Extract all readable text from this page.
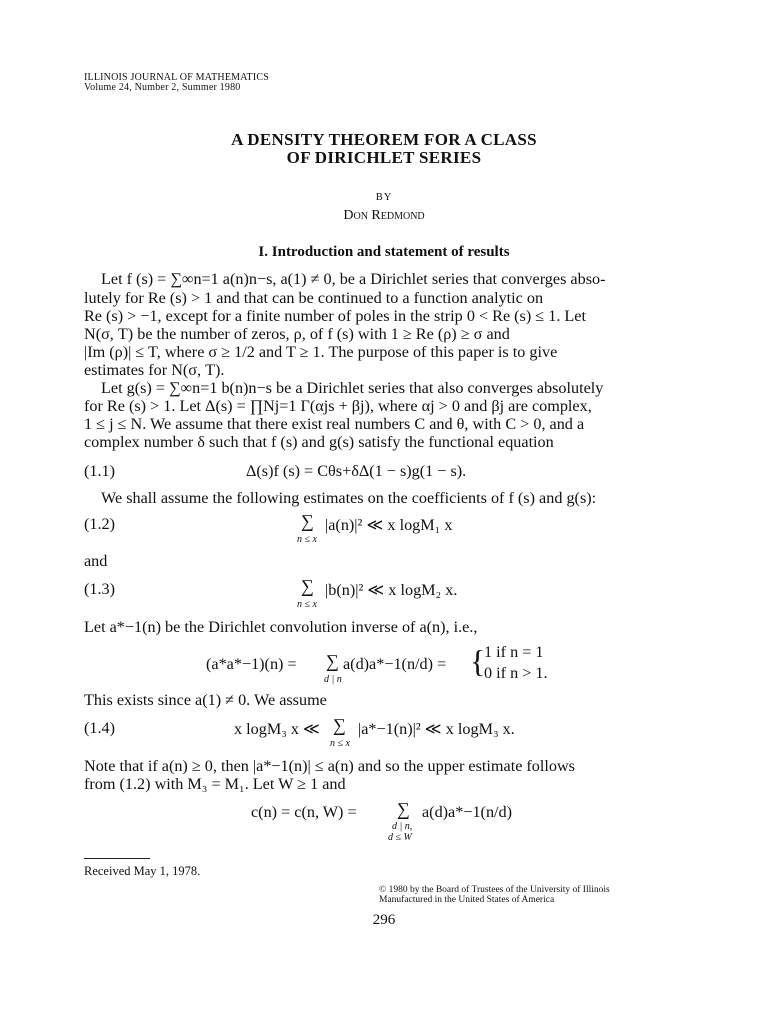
ILLINOIS JOURNAL OF MATHEMATICS
Volume 24, Number 2, Summer 1980
A DENSITY THEOREM FOR A CLASS
OF DIRICHLET SERIES
BY
Don Redmond
I. Introduction and statement of results
Let f (s) = ∑∞n=1 a(n)n−s, a(1) ≠ 0, be a Dirichlet series that converges abso-
lutely for Re (s) > 1 and that can be continued to a function analytic on
Re (s) > −1, except for a finite number of poles in the strip 0 < Re (s) ≤ 1. Let
N(σ, T) be the number of zeros, ρ, of f (s) with 1 ≥ Re (ρ) ≥ σ and
|Im (ρ)| ≤ T, where σ ≥ 1/2 and T ≥ 1. The purpose of this paper is to give
estimates for N(σ, T).
Let g(s) = ∑∞n=1 b(n)n−s be a Dirichlet series that also converges absolutely
for Re (s) > 1. Let Δ(s) = ∏Nj=1 Γ(αjs + βj), where αj > 0 and βj are complex,
1 ≤ j ≤ N. We assume that there exist real numbers C and θ, with C > 0, and a
complex number δ such that f (s) and g(s) satisfy the functional equation
(1.1)	Δ(s)f (s) = Cθs+δΔ(1 − s)g(1 − s).
We shall assume the following estimates on the coefficients of f (s) and g(s):
(1.2)	∑
n ≤ x
|a(n)|² ≪ x logM₁ x
and
(1.3)	∑
n ≤ x
|b(n)|² ≪ x logM₂ x.
Let a*−1(n) be the Dirichlet convolution inverse of a(n), i.e.,
(a*a*−1)(n) = ∑
d | n
a(d)a*−1(n/d) = {
1 if n = 1
0 if n > 1.
This exists since a(1) ≠ 0. We assume
(1.4)	x logM₃ x ≪ ∑
n ≤ x
|a*−1(n)|² ≪ x logM₃ x.
Note that if a(n) ≥ 0, then |a*−1(n)| ≤ a(n) and so the upper estimate follows
from (1.2) with M₃ = M₁. Let W ≥ 1 and
c(n) = c(n, W) = ∑
d | n,
d ≤ W
a(d)a*−1(n/d)
Received May 1, 1978.
© 1980 by the Board of Trustees of the University of Illinois
Manufactured in the United States of America
296
